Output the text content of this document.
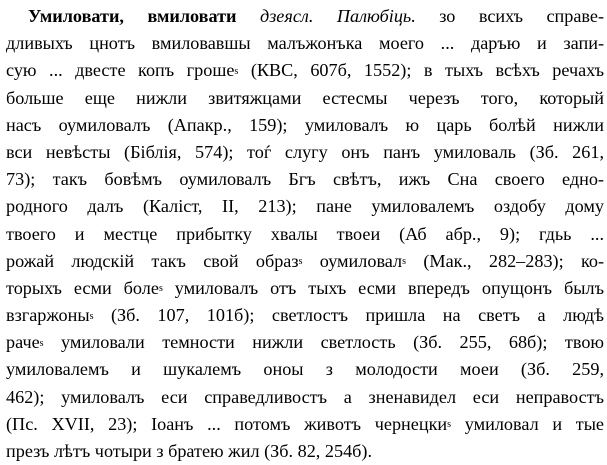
Умиловати, вмиловати дзеясл. Палюбіць. зо всихъ справе-
дливыхъ цнотъ вмиловавшы малъжонъка моего ... даръю и запи-
сую ... двесте копъ грошe$^s$ (КВС, 607б, 1552); в тыхъ всѣхъ речахъ
больше еще нижли звитяжцами естесмы черезъ того, который
насъ оумиловалъ (Апакр., 159); умиловалъ ю царь болѣй нижли
вси невѣсты (Біблія, 574); тоѓ слугу онъ панъ умиловаль (Зб. 261,
73); такъ бовѣмъ оумиловалъ Бгъ свѣтъ, ижъ Сна своего едно-
родного далъ (Каліст, II, 213); пане умиловалемъ оздобу дому
твоего и местце прибытку хвалы твоеи (Аб абр., 9); гдьь ...
рожай людскій такъ свой образ$^s$ оумиловал$^s$ (Мак., 282–283); ко-
торыхъ есми боле$^s$ умиловалъ отъ тыхъ есми впередъ опущонъ былъ
взгаржоны$^s$ (Зб. 107, 101б); светлостъ пришла на светъ а людѣ
раче$^s$ умиловали темности нижли светлость (Зб. 255, 68б); твою
умиловалемъ и шукалемъ оноы з молодости моеи (Зб. 259,
462); умиловалъ еси справедливостъ а зненавидел еси неправостъ
(Пс. XVII, 23); Іоанъ ... потомъ животъ чернецки$^s$ умиловал и тые
презъ лѣтъ чотыри з братею жил (Зб. 82, 254б).
